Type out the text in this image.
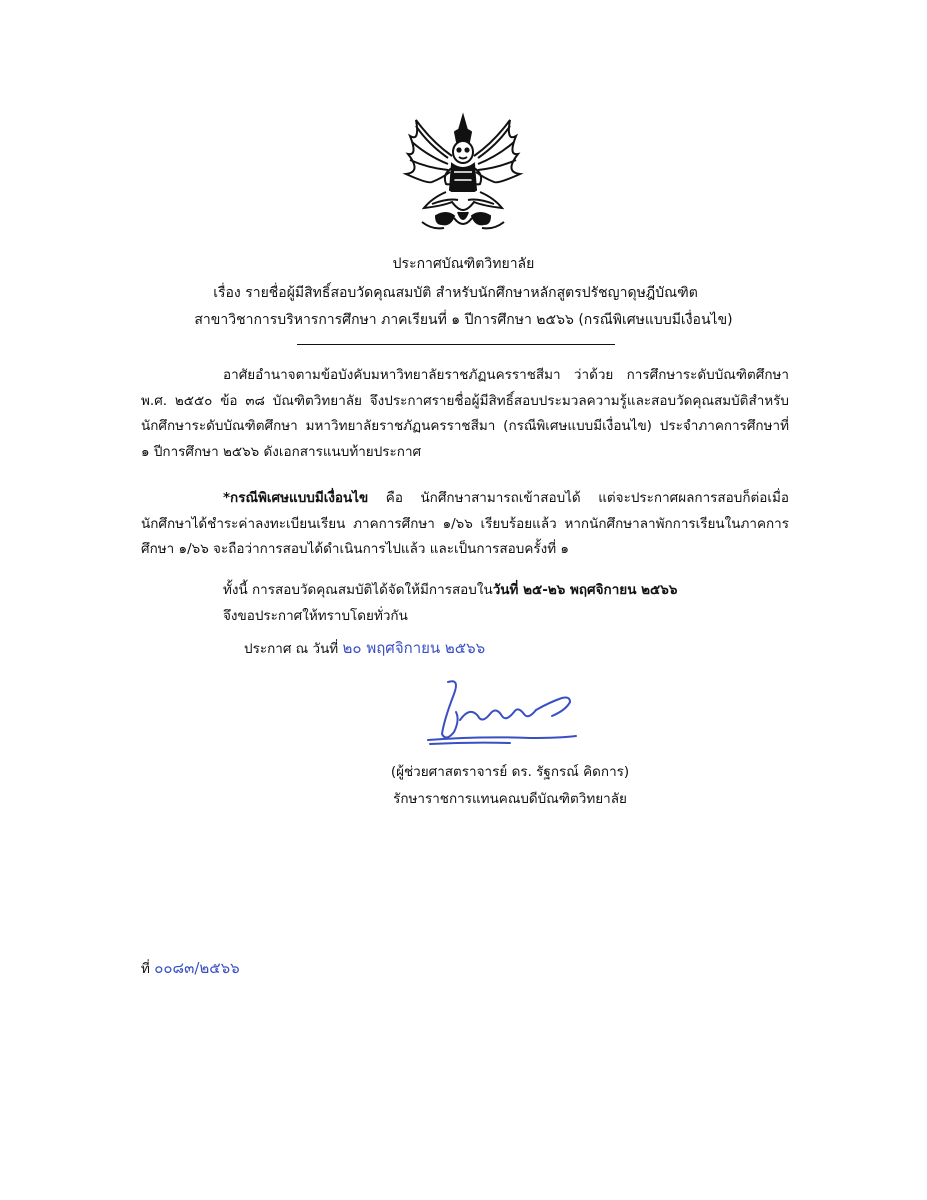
ประกาศบัณฑิตวิทยาลัย
เรื่อง รายชื่อผู้มีสิทธิ์สอบวัดคุณสมบัติ สำหรับนักศึกษาหลักสูตรปรัชญาดุษฎีบัณฑิต
สาขาวิชาการบริหารการศึกษา ภาคเรียนที่ ๑ ปีการศึกษา ๒๕๖๖ (กรณีพิเศษแบบมีเงื่อนไข)
อาศัยอำนาจตามข้อบังคับมหาวิทยาลัยราชภัฏนครราชสีมา ว่าด้วย การศึกษาระดับบัณฑิตศึกษา พ.ศ. ๒๕๕๐ ข้อ ๓๘ บัณฑิตวิทยาลัย จึงประกาศรายชื่อผู้มีสิทธิ์สอบประมวลความรู้และสอบวัดคุณสมบัติสำหรับนักศึกษาระดับบัณฑิตศึกษา มหาวิทยาลัยราชภัฏนครราชสีมา (กรณีพิเศษแบบมีเงื่อนไข) ประจำภาคการศึกษาที่ ๑ ปีการศึกษา ๒๕๖๖ ดังเอกสารแนบท้ายประกาศ
*กรณีพิเศษแบบมีเงื่อนไข คือ นักศึกษาสามารถเข้าสอบได้ แต่จะประกาศผลการสอบก็ต่อเมื่อนักศึกษาได้ชำระค่าลงทะเบียนเรียน ภาคการศึกษา ๑/๖๖ เรียบร้อยแล้ว หากนักศึกษาลาพักการเรียนในภาคการศึกษา ๑/๖๖ จะถือว่าการสอบได้ดำเนินการไปแล้ว และเป็นการสอบครั้งที่ ๑
ทั้งนี้ การสอบวัดคุณสมบัติได้จัดให้มีการสอบในวันที่ ๒๕-๒๖ พฤศจิกายน ๒๕๖๖
จึงขอประกาศให้ทราบโดยทั่วกัน
ประกาศ ณ วันที่ ๒๐ พฤศจิกายน ๒๕๖๖
(ผู้ช่วยศาสตราจารย์ ดร. รัฐกรณ์ คิดการ)
รักษาราชการแทนคณบดีบัณฑิตวิทยาลัย
ที่ ๐๐๘๓/๒๕๖๖
